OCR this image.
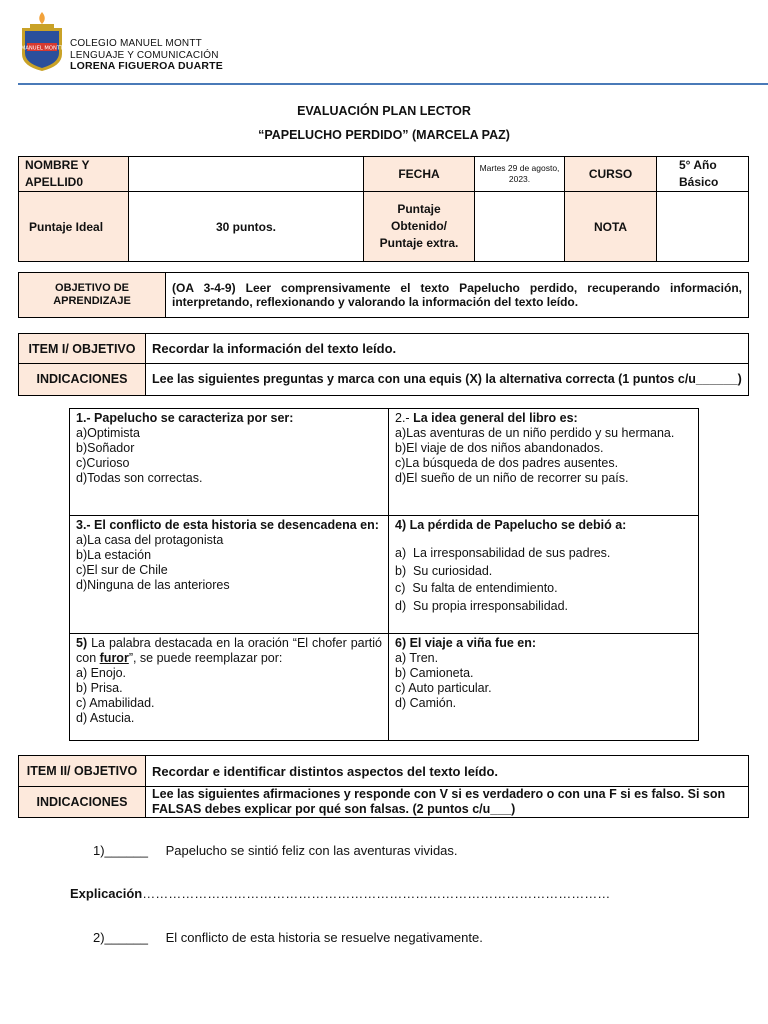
MANUEL MONTT COLEGIO MANUEL MONTT
LENGUAJE Y COMUNICACIÓN
LORENA FIGUEROA DUARTE
EVALUACIÓN PLAN LECTOR
“PAPELUCHO PERDIDO” (MARCELA PAZ)
NOMBRE Y APELLID0		FECHA	Martes 29 de agosto, 2023.	CURSO	5° Año Básico
Puntaje Ideal	30 puntos.	Puntaje Obtenido/ Puntaje extra.		NOTA	
OBJETIVO DE APRENDIZAJE	(OA 3-4-9) Leer comprensivamente el texto Papelucho perdido, recuperando información, interpretando, reflexionando y valorando la información del texto leído.
ITEM I/ OBJETIVO	Recordar la información del texto leído.
INDICACIONES	Lee las siguientes preguntas y marca con una equis (X) la alternativa correcta (1 puntos c/u______)
1.- Papelucho se caracteriza por ser:
a)Optimista
b)Soñador
c)Curioso
d)Todas son correctas.	2.- La idea general del libro es:
a)Las aventuras de un niño perdido y su hermana.
b)El viaje de dos niños abandonados.
c)La búsqueda de dos padres ausentes.
d)El sueño de un niño de recorrer su país.

3.- El conflicto de esta historia se desencadena en:
a)La casa del protagonista
b)La estación
c)El sur de Chile
d)Ninguna de las anteriores	4) La pérdida de Papelucho se debió a:
a)  La irresponsabilidad de sus padres.
b)  Su curiosidad.
c)  Su falta de entendimiento.
d)  Su propia irresponsabilidad.

5) La palabra destacada en la oración “El chofer partió con furor”, se puede reemplazar por:
a) Enojo.
b) Prisa.
c) Amabilidad.
d) Astucia.	6) El viaje a viña fue en:
a) Tren.
b) Camioneta.
c) Auto particular.
d) Camión.
ITEM II/ OBJETIVO	Recordar e identificar distintos aspectos del texto leído.
INDICACIONES	Lee las siguientes afirmaciones y responde con V si es verdadero o con una F si es falso. Si son FALSAS debes explicar por qué son falsas. (2 puntos c/u___)
1)______ Papelucho se sintió feliz con las aventuras vividas.
Explicación………………………………………………………………………………………………
2)______ El conflicto de esta historia se resuelve negativamente.
